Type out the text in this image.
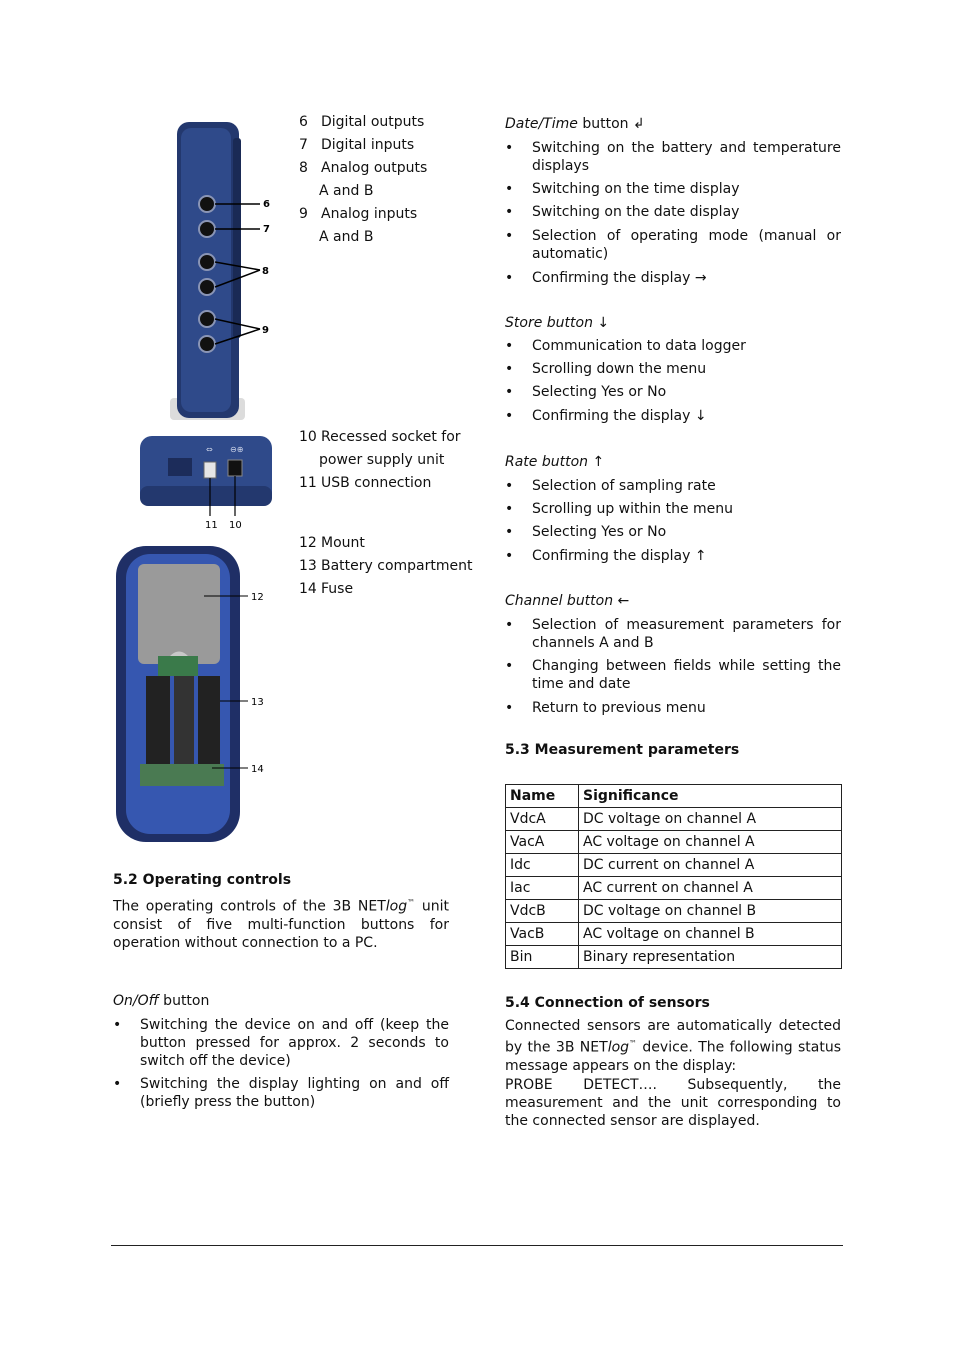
6
7
8
9
6 Digital outputs
7 Digital inputs
8 Analog outputs
A and B
9 Analog inputs
A and B
⇔ ⊖⊕
11 10
10 Recessed socket for
power supply unit
11 USB connection
12
13
14
12 Mount
13 Battery compartment
14 Fuse
5.2 Operating controls
The operating controls of the 3B NETlog™ unit consist of five multi-function buttons for operation without connection to a PC.
On/Off button
• Switching the device on and off (keep the button pressed for approx. 2 seconds to switch off the device)
• Switching the display lighting on and off (briefly press the button)
Date/Time button ↲
• Switching on the battery and temperature displays
• Switching on the time display
• Switching on the date display
• Selection of operating mode (manual or automatic)
• Confirming the display →
Store button ↓
• Communication to data logger
• Scrolling down the menu
• Selecting Yes or No
• Confirming the display ↓
Rate button ↑
• Selection of sampling rate
• Scrolling up within the menu
• Selecting Yes or No
• Confirming the display ↑
Channel button ←
• Selection of measurement parameters for channels A and B
• Changing between fields while setting the time and date
• Return to previous menu
5.3 Measurement parameters
Name	Significance
VdcA	DC voltage on channel A
VacA	AC voltage on channel A
Idc	DC current on channel A
Iac	AC current on channel A
VdcB	DC voltage on channel B
VacB	AC voltage on channel B
Bin	Binary representation
5.4 Connection of sensors
Connected sensors are automatically detected by the 3B NETlog™ device. The following status message appears on the display:
PROBE DETECT…. Subsequently, the measurement and the unit corresponding to the connected sensor are displayed.
